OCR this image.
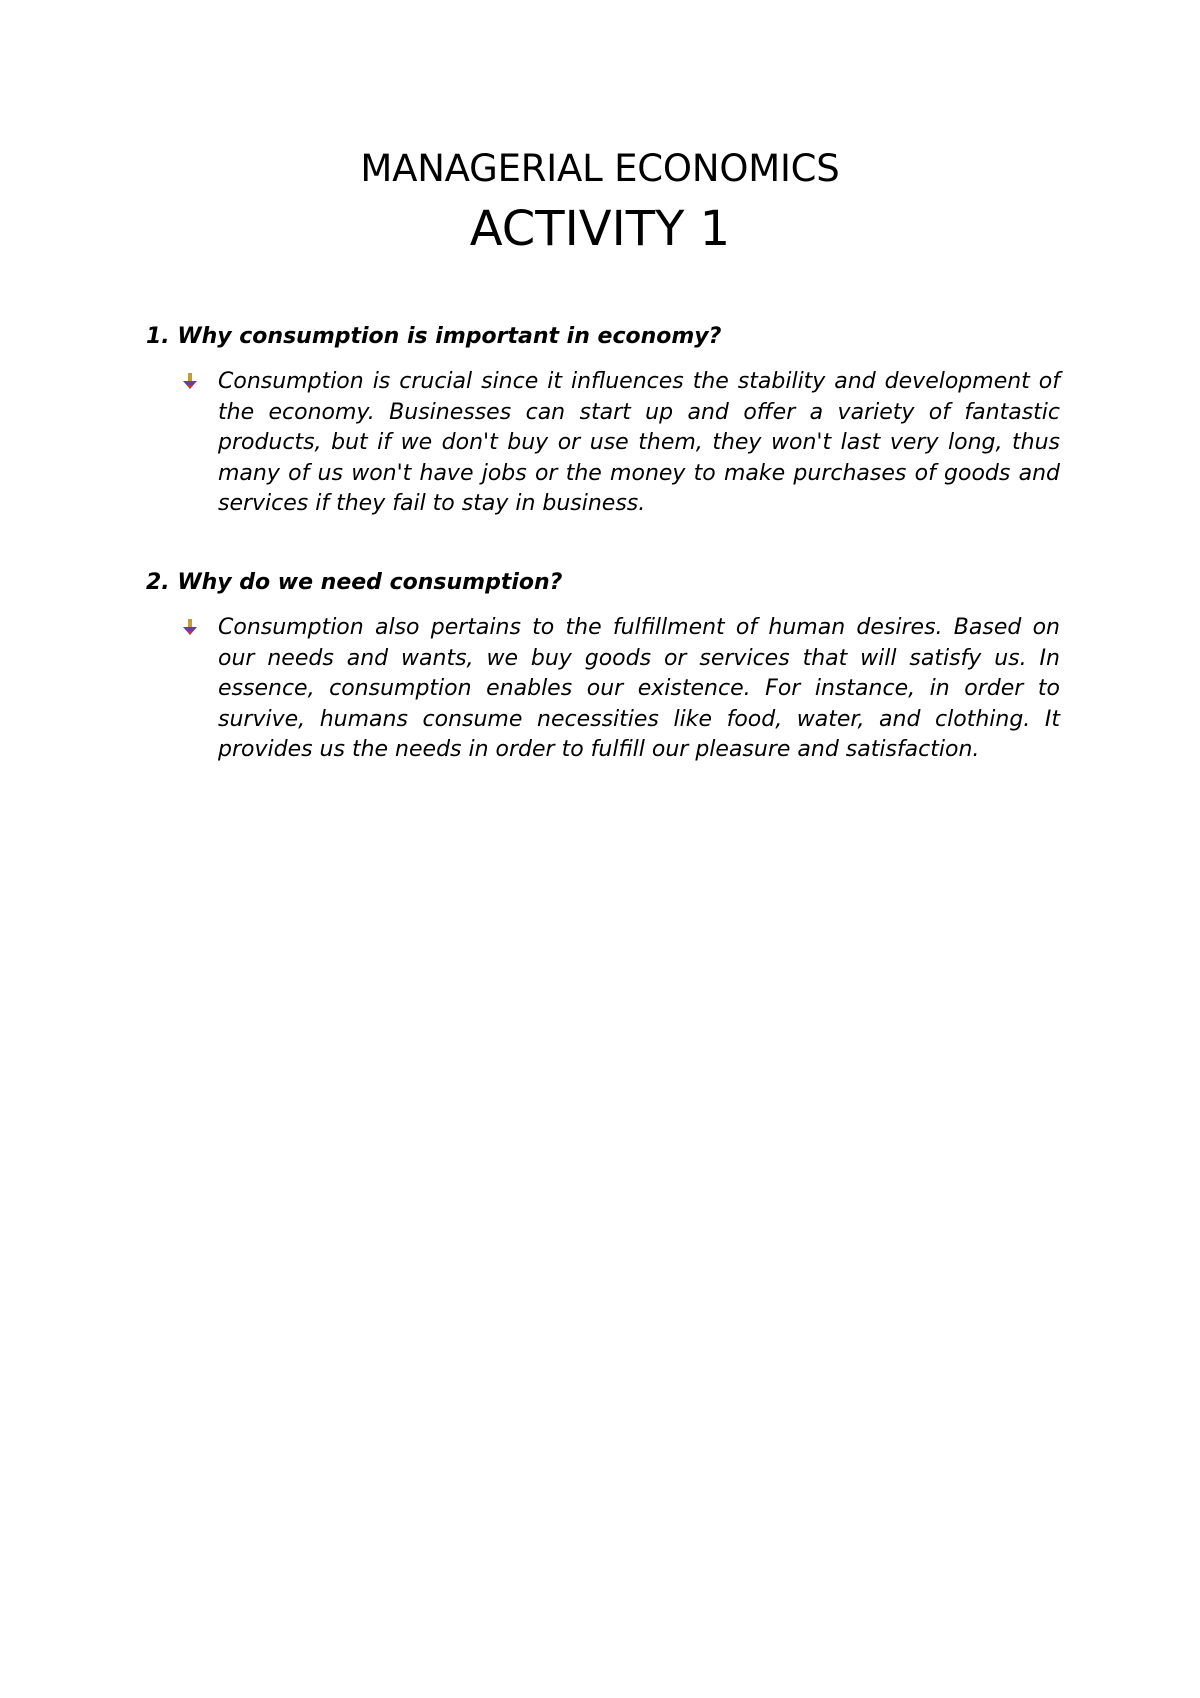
MANAGERIAL ECONOMICS
ACTIVITY 1

1. Why consumption is important in economy?

Consumption is crucial since it influences the stability and development of the economy. Businesses can start up and offer a variety of fantastic products, but if we don't buy or use them, they won't last very long, thus many of us won't have jobs or the money to make purchases of goods and services if they fail to stay in business.

2. Why do we need consumption?

Consumption also pertains to the fulfillment of human desires. Based on our needs and wants, we buy goods or services that will satisfy us. In essence, consumption enables our existence. For instance, in order to survive, humans consume necessities like food, water, and clothing. It provides us the needs in order to fulfill our pleasure and satisfaction.
